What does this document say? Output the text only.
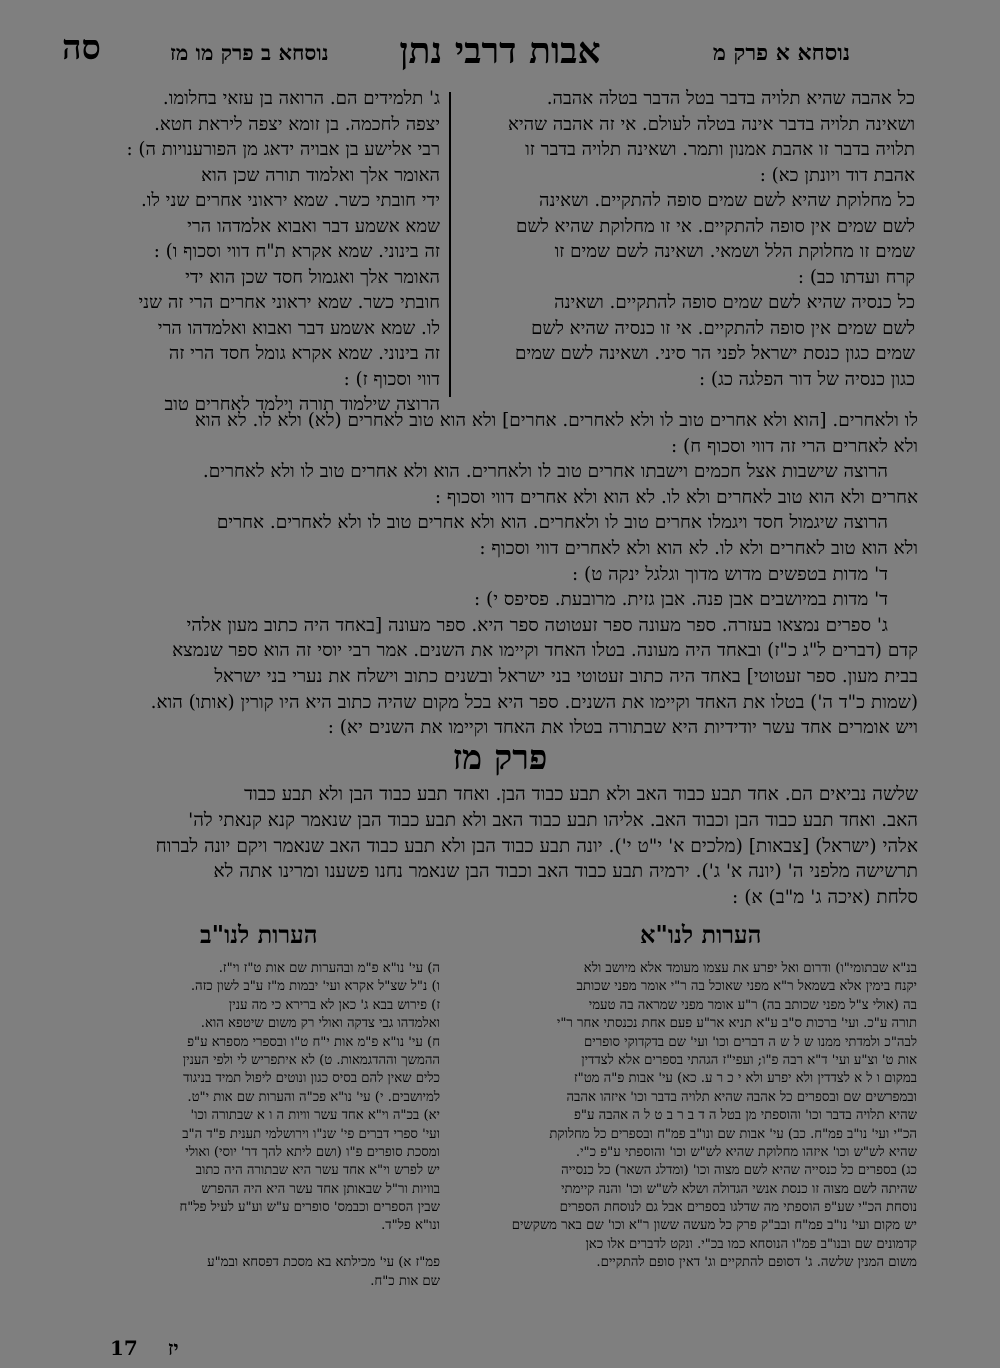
נוסחא א פרק מ
אבות דרבי נתן
נוסחא ב פרק מו מז
סה
כל אהבה שהיא תלויה בדבר בטל הדבר בטלה אהבה.
ושאינה תלויה בדבר אינה בטלה לעולם. אי זה אהבה שהיא
תלויה בדבר זו אהבת אמנון ותמר. ושאינה תלויה בדבר זו
אהבת דוד ויונתן כא) :
כל מחלוקת שהיא לשם שמים סופה להתקיים. ושאינה
לשם שמים אין סופה להתקיים. אי זו מחלוקת שהיא לשם
שמים זו מחלוקת הלל ושמאי. ושאינה לשם שמים זו
קרח ועדתו כב) :
כל כנסיה שהיא לשם שמים סופה להתקיים. ושאינה
לשם שמים אין סופה להתקיים. אי זו כנסיה שהיא לשם
שמים כגון כנסת ישראל לפני הר סיני. ושאינה לשם שמים
כגון כנסיה של דור הפלגה כג) :
ג' תלמידים הם. הרואה בן עזאי בחלומו.
יצפה לחכמה. בן זומא יצפה ליראת חטא.
רבי אלישע בן אבויה ידאג מן הפורענויות ה) :
האומר אלך ואלמוד תורה שכן הוא
ידי חובתי כשר. שמא יראוני אחרים שני לו.
שמא אשמע דבר ואבוא אלמדהו הרי
זה בינוני. שמא אקרא ת"ח דווי וסכוף ו) :
האומר אלך ואגמול חסד שכן הוא ידי
חובתי כשר. שמא יראוני אחרים הרי זה שני
לו. שמא אשמע דבר ואבוא ואלמדהו הרי
זה בינוני. שמא אקרא גומל חסד הרי זה
דווי וסכוף ז) :
הרוצה שילמוד תורה וילמד לאחרים טוב
לו ולאחרים. [הוא ולא אחרים טוב לו ולא לאחרים. אחרים] ולא הוא טוב לאחרים (לא) ולא לו. לא הוא
ולא לאחרים הרי זה דווי וסכוף ח) :
הרוצה שישבות אצל חכמים וישבתו אחרים טוב לו ולאחרים. הוא ולא אחרים טוב לו ולא לאחרים.
אחרים ולא הוא טוב לאחרים ולא לו. לא הוא ולא אחרים דווי וסכוף :
הרוצה שיגמול חסד ויגמלו אחרים טוב לו ולאחרים. הוא ולא אחרים טוב לו ולא לאחרים. אחרים
ולא הוא טוב לאחרים ולא לו. לא הוא ולא לאחרים דווי וסכוף :
ד' מדות בטפשים מדוש מדוך וגלגל ינקה ט) :
ד' מדות במיושבים אבן פנה. אבן גזית. מרובעת. פסיפס י) :
ג' ספרים נמצאו בעזרה. ספר מעונה ספר זעטוטה ספר היא. ספר מעונה [באחד היה כתוב מעון אלהי
קדם (דברים ל"ג כ"ז) ובאחד היה מעונה. בטלו האחד וקיימו את השנים. אמר רבי יוסי זה הוא ספר שנמצא
בבית מעון. ספר זעטוטי] באחד היה כתוב זעטוטי בני ישראל ובשנים כתוב וישלח את נערי בני ישראל
(שמות כ"ד ה') בטלו את האחד וקיימו את השנים. ספר היא בכל מקום שהיה כתוב היא היו קורין (אותו) הוא.
ויש אומרים אחד עשר יודידיות היא שבתורה בטלו את האחד וקיימו את השנים יא) :
פרק מז
שלשה נביאים הם. אחד תבע כבוד האב ולא תבע כבוד הבן. ואחד תבע כבוד הבן ולא תבע כבוד
האב. ואחד תבע כבוד הבן וכבוד האב. אליהו תבע כבוד האב ולא תבע כבוד הבן שנאמר קנא קנאתי לה'
אלהי (ישראל) [צבאות] (מלכים א' י"ט י'). יונה תבע כבוד הבן ולא תבע כבוד האב שנאמר ויקם יונה לברוח
תרשישה מלפני ה' (יונה א' ג'). ירמיה תבע כבוד האב וכבוד הבן שנאמר נחנו פשענו ומרינו אתה לא
סלחת (איכה ג' מ"ב) א) :
הערות לנו"א
הערות לנו"ב
בנ"א שבתומי"ו) ודרום ואל יפרע את עצמו מעומד אלא מיושב ולא
יקנח בימין אלא בשמאל ר"א מפני שאוכל בה ר"י אומר מפני שכותב
בה (אולי צ"ל מפני שכותב בה) ר"ע אומר מפני שמראה בה טעמי
תורה ע"כ. ועי' ברכות ס"ב ע"א תניא אר"ע פעם אחת נכנסתי אחר ר"י
לבה"כ ולמדתי ממנו ש ל ש ה דברים וכו' ועי' שם בדקדוקי סופרים
אות ט' וצ"ע ועי' ד"א רבה פ"ו; ועפי"ז הגהתי בספרים אלא לצדדין
במקום ו ל א לצדדין ולא יפרע ולא י כ ר ע. כא) עי' אבות פ"ה מט"ז
ובמפרשים שם ובספרים כל אהבה שהיא תלויה בדבר וכו' איזהו אהבה
שהיא תלויה בדבר וכו' והוספתי מן בטל ה ד ב ר ב ט ל ה אהבה ע"פ
הכ"י ועי' נו"ב פמ"ח. כב) עי' אבות שם ונו"ב פמ"ח ובספרים כל מחלוקת
שהיא לש"ש וכו' איזהו מחלוקת שהיא לש"ש וכו' והוספתי ע"פ כ"י.
כג) בספרים כל כנסייה שהיא לשם מצוה וכו' (ומדלג השאר) כל כנסייה
שהיתה לשם מצוה זו כנסת אנשי הגדולה ושלא לש"ש וכו' והנה קיימתי
נוסחת הכ"י שע"פ הוספתי מה שדלגו בספרים אבל גם לנוסחת הספרים
יש מקום ועי' נו"ב פמ"ח ובב"ק פרק כל מעשה ששון ר"א וכו' שם באר משקשים
קדמונים שם ובנו"ב פמ"ו הנוסחא כמו בכ"י. ונקט לדברים אלו כאן
משום המנין שלשה. ג' דסופם להתקיים וג' דאין סופם להתקיים.
ה) עי' נו"א פ"מ ובהערות שם אות ט"ז וי"ז.
ו) נ"ל שצ"ל אקרא ועי' יבמות מ"ז ע"ב לשון כזה.
ז) פירוש בבא ג' כאן לא ברירא כי מה ענין
ואלמדהו גבי צדקה ואולי רק משום שיטפא הוא.
ח) עי' נו"א פ"מ אות י"ח ט"ו ובספרי מספרא ע"פ
ההמשך וההדגמאות. ט) לא איתפריש לי ולפי הענין
כלים שאין להם בסיס כגון ונוטים ליפול תמיד בניגוד
למיושבים. י) עי' נו"א פכ"ה והערות שם אות י"ט.
יא) בכ"ה וי"א אחד עשר וויות ה ו א שבתורה וכו'
ועי' ספרי דברים פי' שנ"ו וירושלמי תענית פ"ד ה"ב
ומסכת סופרים פ"ו (ושם ליתא להך דר' יוסי) ואולי
יש לפרש וי"א אחד עשר היא שבתורה היה כתוב
בוויות ור"ל שבאותן אחד עשר היא היה ההפרש
שבין הספרים וכבמס' סופרים ע"ש וע"ע לעיל פל"ח
ונו"א פל"ד.
פמ"ז א) עי' מכילתא בא מסכת דפסחא ובמ"ע
שם אות כ"ח.
17 יז
